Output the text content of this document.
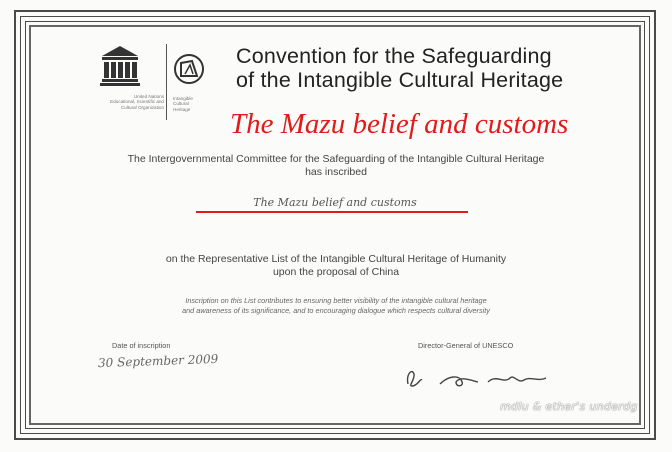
United Nations
Educational, Scientific and
Cultural Organization
Intangible
Cultural
Heritage
Convention for the Safeguarding
of the Intangible Cultural Heritage
The Mazu belief and customs
The Intergovernmental Committee for the Safeguarding of the Intangible Cultural Heritage
has inscribed
The Mazu belief and customs
on the Representative List of the Intangible Cultural Heritage of Humanity
upon the proposal of China
Inscription on this List contributes to ensuring better visibility of the intangible cultural heritage
and awareness of its significance, and to encouraging dialogue which respects cultural diversity
Date of inscription
30 September 2009
Director-General of UNESCO
mdlu & ether's underdg
